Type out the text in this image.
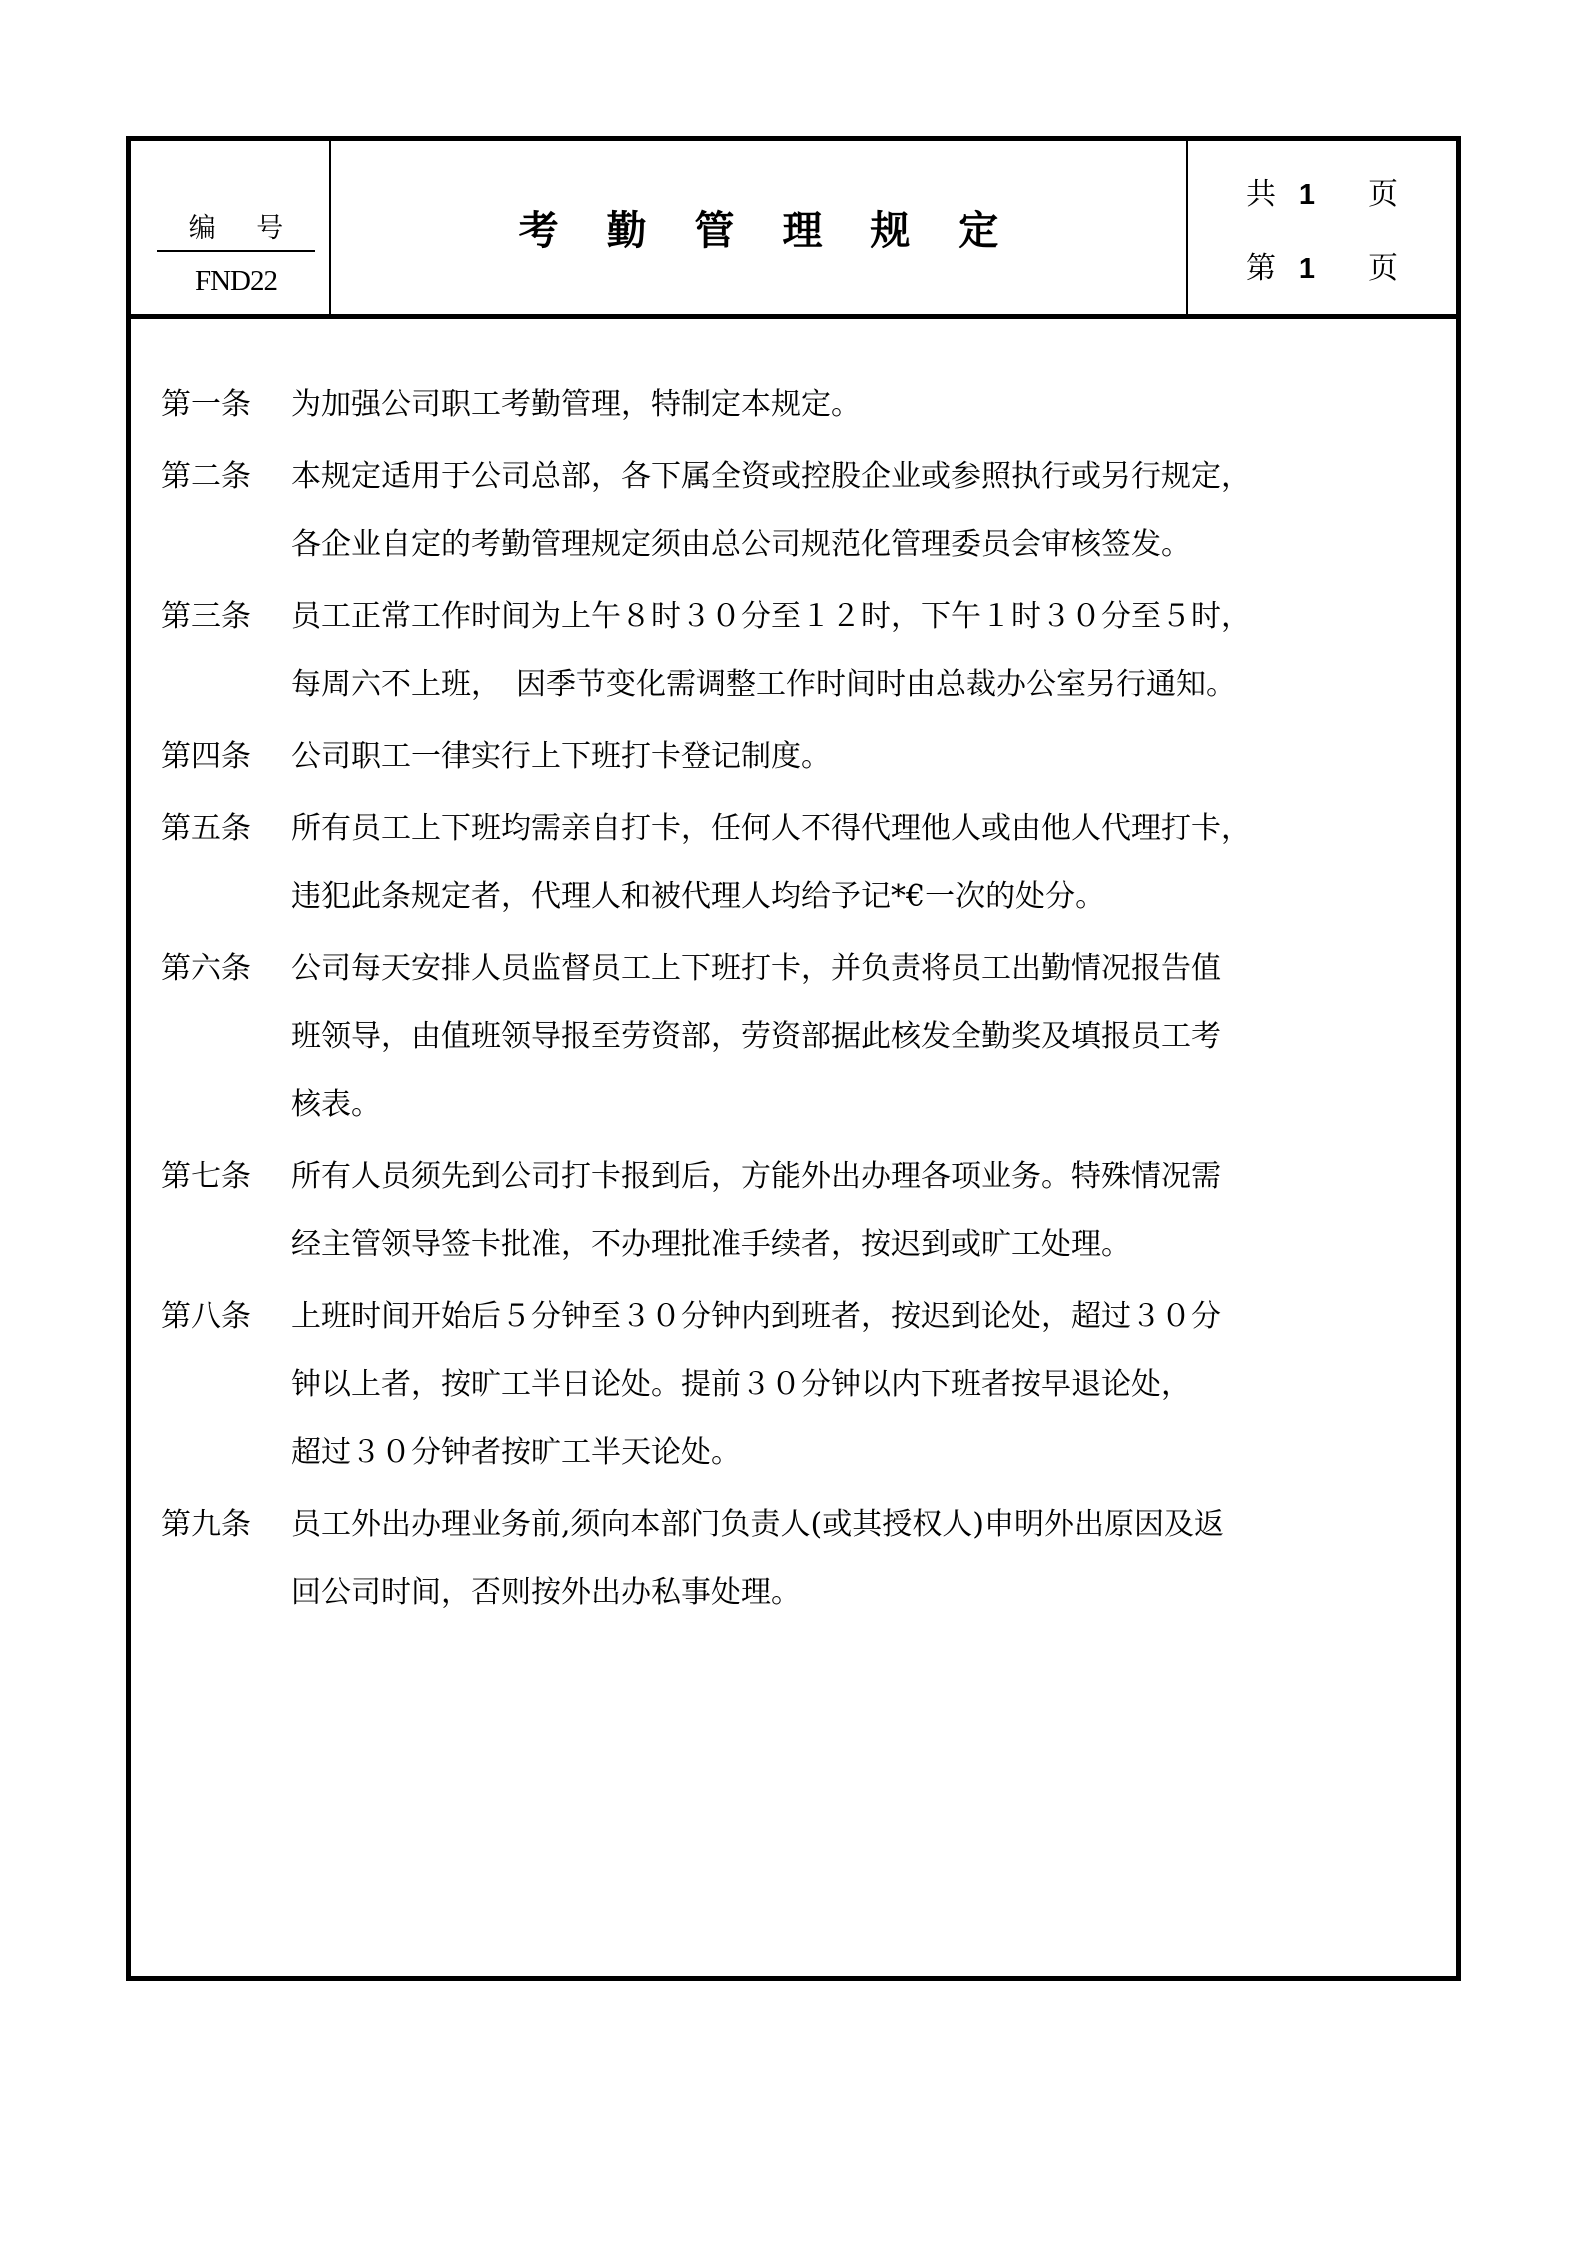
编 号
FND22
考 勤 管 理 规 定
共 1	页
第 1	页
第一条	为加强公司职工考勤管理，特制定本规定。
第二条	本规定适用于公司总部，各下属全资或控股企业或参照执行或另行规定，
各企业自定的考勤管理规定须由总公司规范化管理委员会审核签发。
第三条	员工正常工作时间为上午８时３０分至１２时，下午１时３０分至５时，
每周六不上班，　因季节变化需调整工作时间时由总裁办公室另行通知。
第四条	公司职工一律实行上下班打卡登记制度。
第五条	所有员工上下班均需亲自打卡，任何人不得代理他人或由他人代理打卡，
违犯此条规定者，代理人和被代理人均给予记*€一次的处分。
第六条	公司每天安排人员监督员工上下班打卡，并负责将员工出勤情况报告值
班领导，由值班领导报至劳资部，劳资部据此核发全勤奖及填报员工考
核表。
第七条	所有人员须先到公司打卡报到后，方能外出办理各项业务。特殊情况需
经主管领导签卡批准，不办理批准手续者，按迟到或旷工处理。
第八条	上班时间开始后５分钟至３０分钟内到班者，按迟到论处，超过３０分
钟以上者，按旷工半日论处。提前３０分钟以内下班者按早退论处，
超过３０分钟者按旷工半天论处。
第九条	员工外出办理业务前,须向本部门负责人(或其授权人)申明外出原因及返
回公司时间，否则按外出办私事处理。
